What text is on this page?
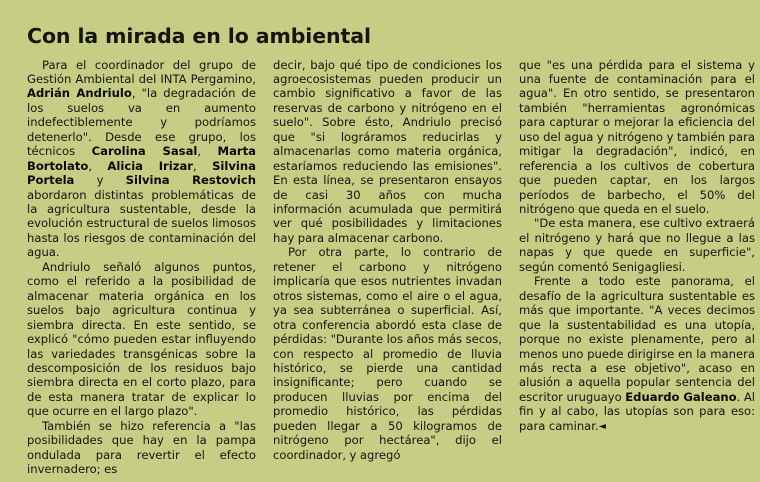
Con la mirada en lo ambiental

Para el coordinador del grupo de Gestión Ambiental del INTA Pergamino, Adrián Andriulo, "la degradación de los suelos va en aumento indefectiblemente y podríamos detenerlo". Desde ese grupo, los técnicos Carolina Sasal, Marta Bortolato, Alicia Irizar, Silvina Portela y Silvina Restovich abordaron distintas problemáticas de la agricultura sustentable, desde la evolución estructural de suelos limosos hasta los riesgos de contaminación del agua.

Andriulo señaló algunos puntos, como el referido a la posibilidad de almacenar materia orgánica en los suelos bajo agricultura continua y siembra directa. En este sentido, se explicó "cómo pueden estar influyendo las variedades transgénicas sobre la descomposición de los residuos bajo siembra directa en el corto plazo, para de esta manera tratar de explicar lo que ocurre en el largo plazo".

También se hizo referencia a "las posibilidades que hay en la pampa ondulada para revertir el efecto invernadero; es

decir, bajo qué tipo de condiciones los agroecosistemas pueden producir un cambio significativo a favor de las reservas de carbono y nitrógeno en el suelo". Sobre ésto, Andriulo precisó que "si lográramos reducirlas y almacenarlas como materia orgánica, estaríamos reduciendo las emisiones". En esta línea, se presentaron ensayos de casi 30 años con mucha información acumulada que permitirá ver qué posibilidades y limitaciones hay para almacenar carbono.

Por otra parte, lo contrario de retener el carbono y nitrógeno implicaría que esos nutrientes invadan otros sistemas, como el aire o el agua, ya sea subterránea o superficial. Así, otra conferencia abordó esta clase de pérdidas: "Durante los años más secos, con respecto al promedio de lluvia histórico, se pierde una cantidad insignificante; pero cuando se producen lluvias por encima del promedio histórico, las pérdidas pueden llegar a 50 kilogramos de nitrógeno por hectárea", dijo el coordinador, y agregó

que "es una pérdida para el sistema y una fuente de contaminación para el agua". En otro sentido, se presentaron también "herramientas agronómicas para capturar o mejorar la eficiencia del uso del agua y nitrógeno y también para mitigar la degradación", indicó, en referencia a los cultivos de cobertura que pueden captar, en los largos períodos de barbecho, el 50% del nitrógeno que queda en el suelo.

"De esta manera, ese cultivo extraerá el nitrógeno y hará que no llegue a las napas y que quede en superficie", según comentó Senigagliesi.

Frente a todo este panorama, el desafío de la agricultura sustentable es más que importante. "A veces decimos que la sustentabilidad es una utopía, porque no existe plenamente, pero al menos uno puede dirigirse en la manera más recta a ese objetivo", acaso en alusión a aquella popular sentencia del escritor uruguayo Eduardo Galeano. Al fin y al cabo, las utopías son para eso: para caminar.◄
